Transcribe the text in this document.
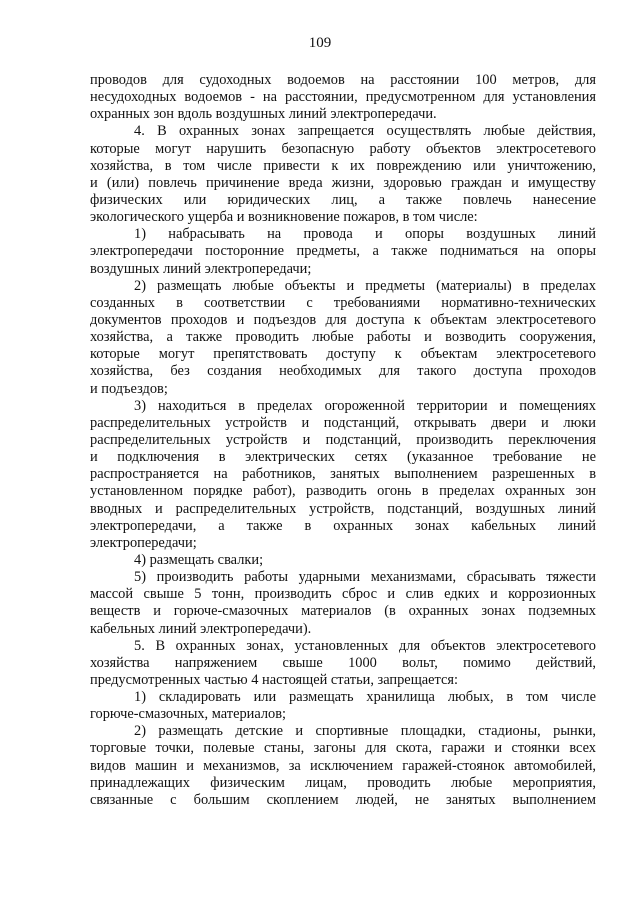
109
проводов для судоходных водоемов на расстоянии 100 метров, для
несудоходных водоемов - на расстоянии, предусмотренном для установления
охранных зон вдоль воздушных линий электропередачи.
4. В охранных зонах запрещается осуществлять любые действия,
которые могут нарушить безопасную работу объектов электросетевого
хозяйства, в том числе привести к их повреждению или уничтожению,
и (или) повлечь причинение вреда жизни, здоровью граждан и имуществу
физических или юридических лиц, а также повлечь нанесение
экологического ущерба и возникновение пожаров, в том числе:
1) набрасывать на провода и опоры воздушных линий
электропередачи посторонние предметы, а также подниматься на опоры
воздушных линий электропередачи;
2) размещать любые объекты и предметы (материалы) в пределах
созданных в соответствии с требованиями нормативно-технических
документов проходов и подъездов для доступа к объектам электросетевого
хозяйства, а также проводить любые работы и возводить сооружения,
которые могут препятствовать доступу к объектам электросетевого
хозяйства, без создания необходимых для такого доступа проходов
и подъездов;
3) находиться в пределах огороженной территории и помещениях
распределительных устройств и подстанций, открывать двери и люки
распределительных устройств и подстанций, производить переключения
и подключения в электрических сетях (указанное требование не
распространяется на работников, занятых выполнением разрешенных в
установленном порядке работ), разводить огонь в пределах охранных зон
вводных и распределительных устройств, подстанций, воздушных линий
электропередачи, а также в охранных зонах кабельных линий
электропередачи;
4) размещать свалки;
5) производить работы ударными механизмами, сбрасывать тяжести
массой свыше 5 тонн, производить сброс и слив едких и коррозионных
веществ и горюче-смазочных материалов (в охранных зонах подземных
кабельных линий электропередачи).
5. В охранных зонах, установленных для объектов электросетевого
хозяйства напряжением свыше 1000 вольт, помимо действий,
предусмотренных частью 4 настоящей статьи, запрещается:
1) складировать или размещать хранилища любых, в том числе
горюче-смазочных, материалов;
2) размещать детские и спортивные площадки, стадионы, рынки,
торговые точки, полевые станы, загоны для скота, гаражи и стоянки всех
видов машин и механизмов, за исключением гаражей-стоянок автомобилей,
принадлежащих физическим лицам, проводить любые мероприятия,
связанные с большим скоплением людей, не занятых выполнением
